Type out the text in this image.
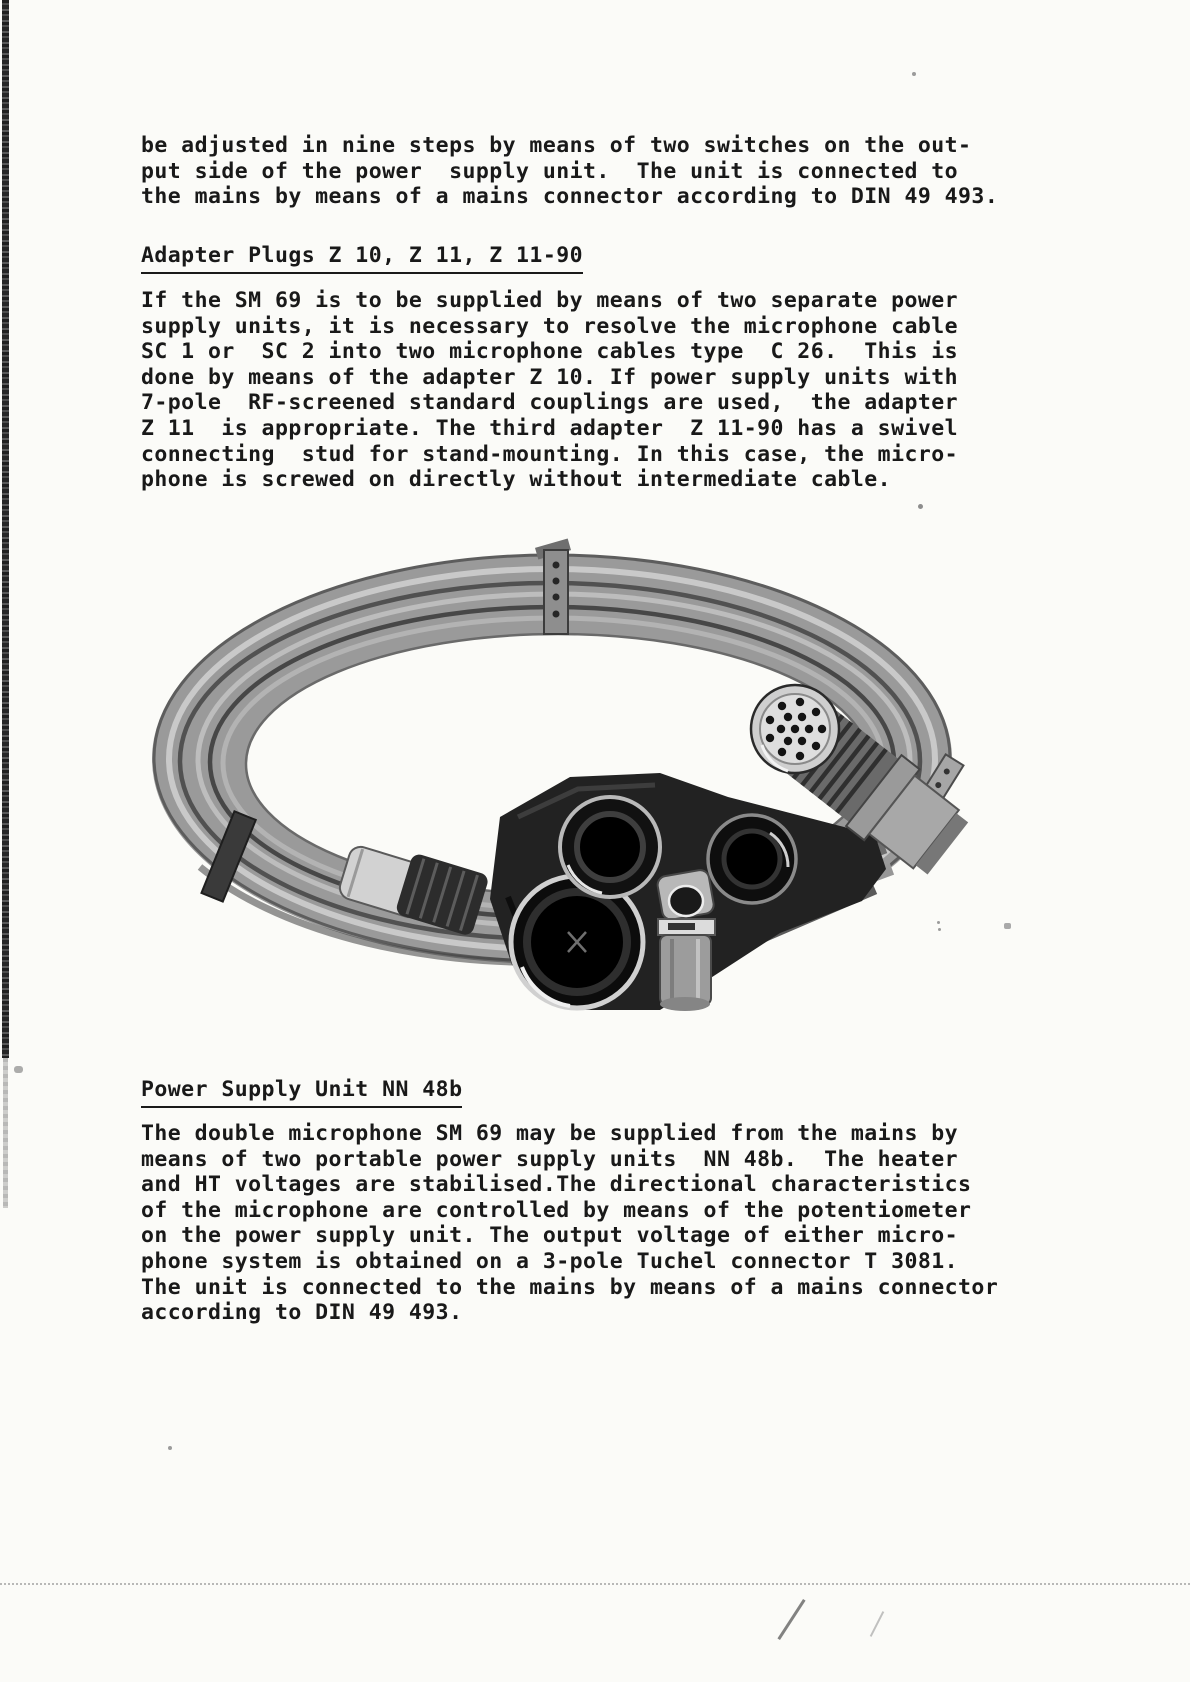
be adjusted in nine steps by means of two switches on the out-
put side of the power  supply unit.  The unit is connected to
the mains by means of a mains connector according to DIN 49 493.
Adapter Plugs Z 10, Z 11, Z 11-90
If the SM 69 is to be supplied by means of two separate power
supply units, it is necessary to resolve the microphone cable
SC 1 or  SC 2 into two microphone cables type  C 26.  This is
done by means of the adapter Z 10. If power supply units with
7-pole  RF-screened standard couplings are used,  the adapter
Z 11  is appropriate. The third adapter  Z 11-90 has a swivel
connecting  stud for stand-mounting. In this case, the micro-
phone is screwed on directly without intermediate cable.
Power Supply Unit NN 48b
The double microphone SM 69 may be supplied from the mains by
means of two portable power supply units  NN 48b.  The heater
and HT voltages are stabilised.The directional characteristics
of the microphone are controlled by means of the potentiometer
on the power supply unit. The output voltage of either micro-
phone system is obtained on a 3-pole Tuchel connector T 3081.
The unit is connected to the mains by means of a mains connector
according to DIN 49 493.
